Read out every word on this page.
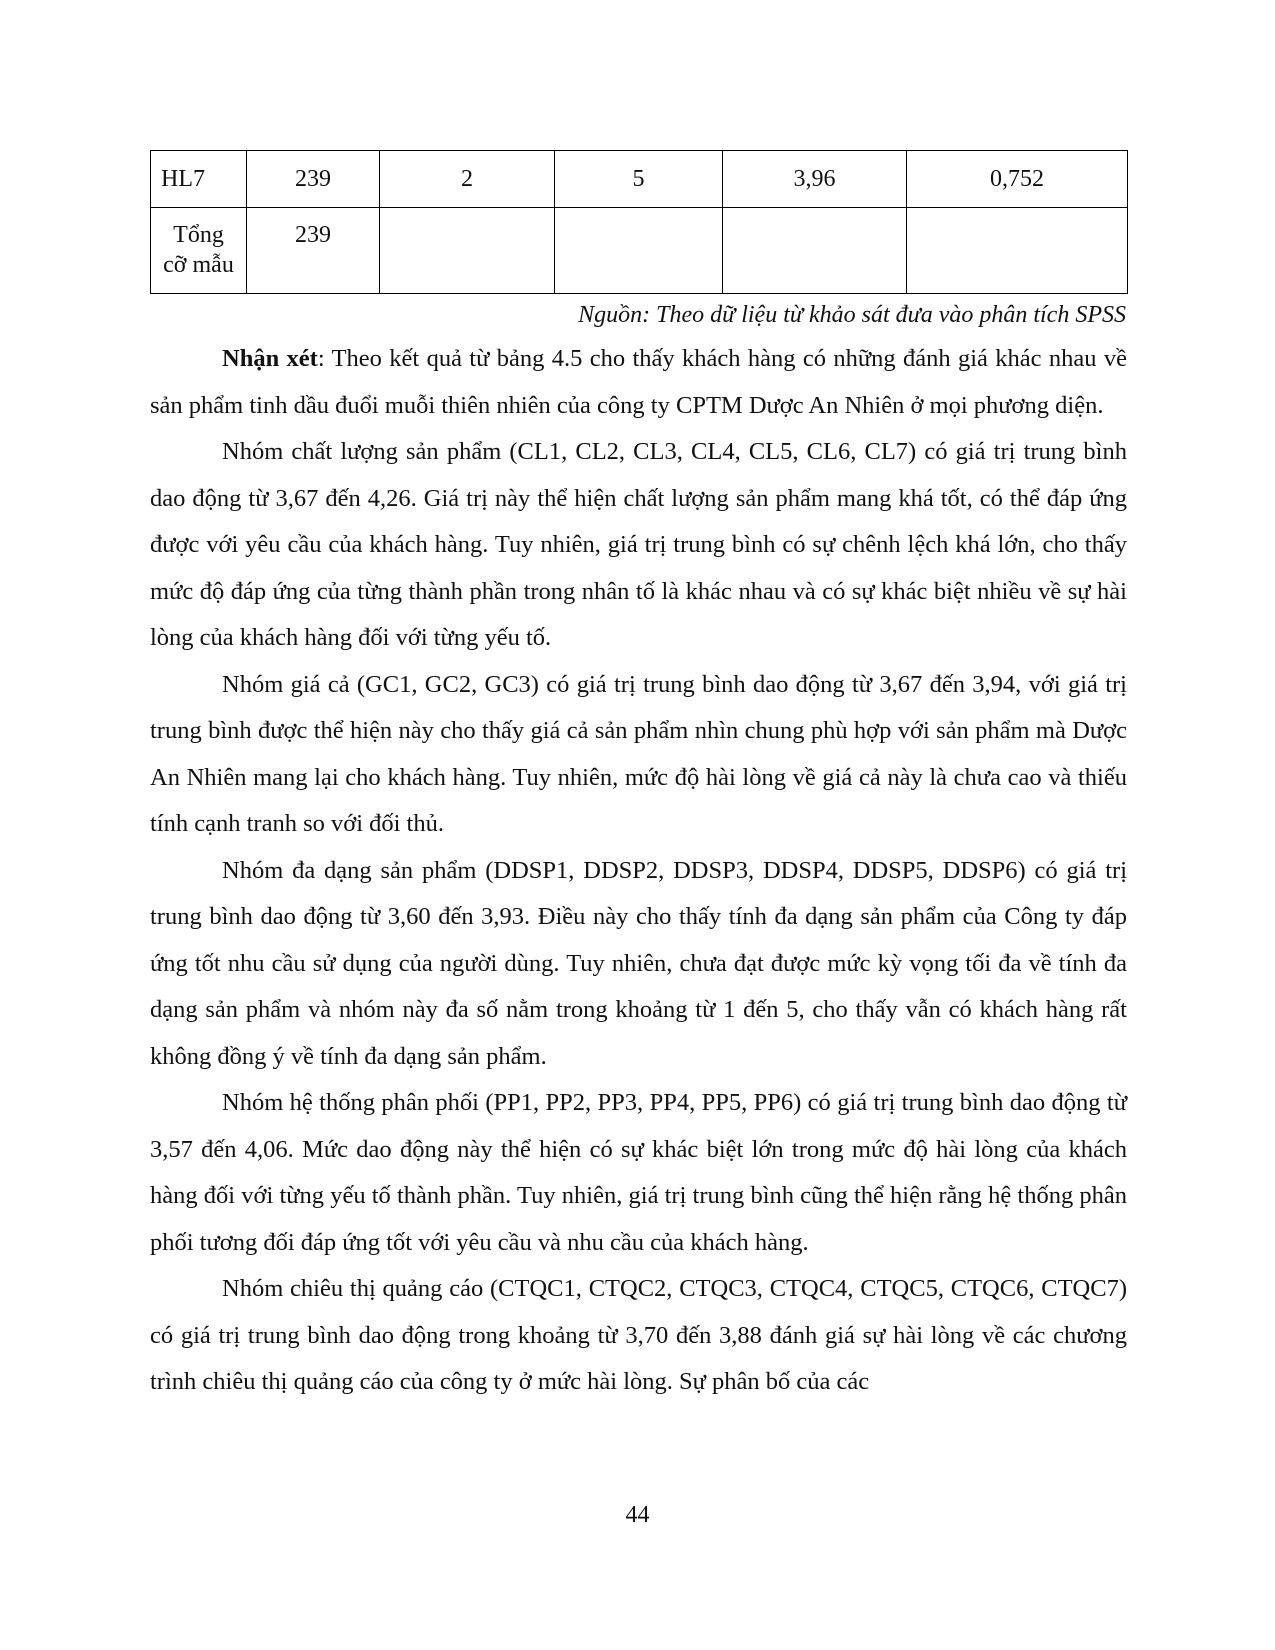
HL7	239	2	5	3,96	0,752
Tổng
cỡ mẫu	239				
Nguồn: Theo dữ liệu từ khảo sát đưa vào phân tích SPSS

Nhận xét: Theo kết quả từ bảng 4.5 cho thấy khách hàng có những đánh giá khác nhau về sản phẩm tinh dầu đuổi muỗi thiên nhiên của công ty CPTM Dược An Nhiên ở mọi phương diện.

Nhóm chất lượng sản phẩm (CL1, CL2, CL3, CL4, CL5, CL6, CL7) có giá trị trung bình dao động từ 3,67 đến 4,26. Giá trị này thể hiện chất lượng sản phẩm mang khá tốt, có thể đáp ứng được với yêu cầu của khách hàng. Tuy nhiên, giá trị trung bình có sự chênh lệch khá lớn, cho thấy mức độ đáp ứng của từng thành phần trong nhân tố là khác nhau và có sự khác biệt nhiều về sự hài lòng của khách hàng đối với từng yếu tố.

Nhóm giá cả (GC1, GC2, GC3) có giá trị trung bình dao động từ 3,67 đến 3,94, với giá trị trung bình được thể hiện này cho thấy giá cả sản phẩm nhìn chung phù hợp với sản phẩm mà Dược An Nhiên mang lại cho khách hàng. Tuy nhiên, mức độ hài lòng về giá cả này là chưa cao và thiếu tính cạnh tranh so với đối thủ.

Nhóm đa dạng sản phẩm (DDSP1, DDSP2, DDSP3, DDSP4, DDSP5, DDSP6) có giá trị trung bình dao động từ 3,60 đến 3,93. Điều này cho thấy tính đa dạng sản phẩm của Công ty đáp ứng tốt nhu cầu sử dụng của người dùng. Tuy nhiên, chưa đạt được mức kỳ vọng tối đa về tính đa dạng sản phẩm và nhóm này đa số nằm trong khoảng từ 1 đến 5, cho thấy vẫn có khách hàng rất không đồng ý về tính đa dạng sản phẩm.

Nhóm hệ thống phân phối (PP1, PP2, PP3, PP4, PP5, PP6) có giá trị trung bình dao động từ 3,57 đến 4,06. Mức dao động này thể hiện có sự khác biệt lớn trong mức độ hài lòng của khách hàng đối với từng yếu tố thành phần. Tuy nhiên, giá trị trung bình cũng thể hiện rằng hệ thống phân phối tương đối đáp ứng tốt với yêu cầu và nhu cầu của khách hàng.

Nhóm chiêu thị quảng cáo (CTQC1, CTQC2, CTQC3, CTQC4, CTQC5, CTQC6, CTQC7) có giá trị trung bình dao động trong khoảng từ 3,70 đến 3,88 đánh giá sự hài lòng về các chương trình chiêu thị quảng cáo của công ty ở mức hài lòng. Sự phân bố của các

44
